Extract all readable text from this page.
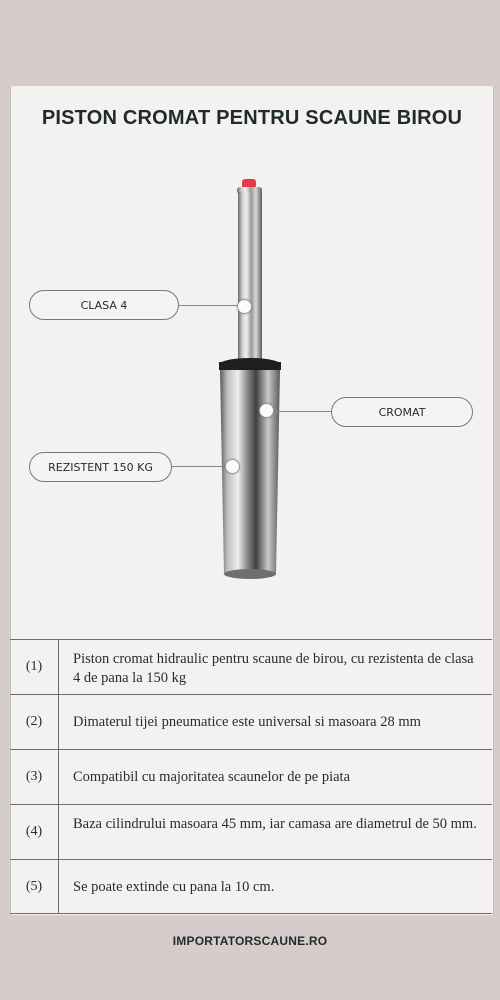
PISTON CROMAT PENTRU SCAUNE BIROU
CLASA 4
CROMAT
REZISTENT 150 KG
(1)	Piston cromat hidraulic pentru scaune de birou, cu rezistenta de clasa 4 de pana la 150 kg
(2)	Dimaterul tijei pneumatice este universal si masoara 28 mm
(3)	Compatibil cu majoritatea scaunelor de pe piata
(4)	Baza cilindrului masoara 45 mm, iar camasa are diametrul de 50 mm.
(5)	Se poate extinde cu pana la 10 cm.
IMPORTATORSCAUNE.RO
